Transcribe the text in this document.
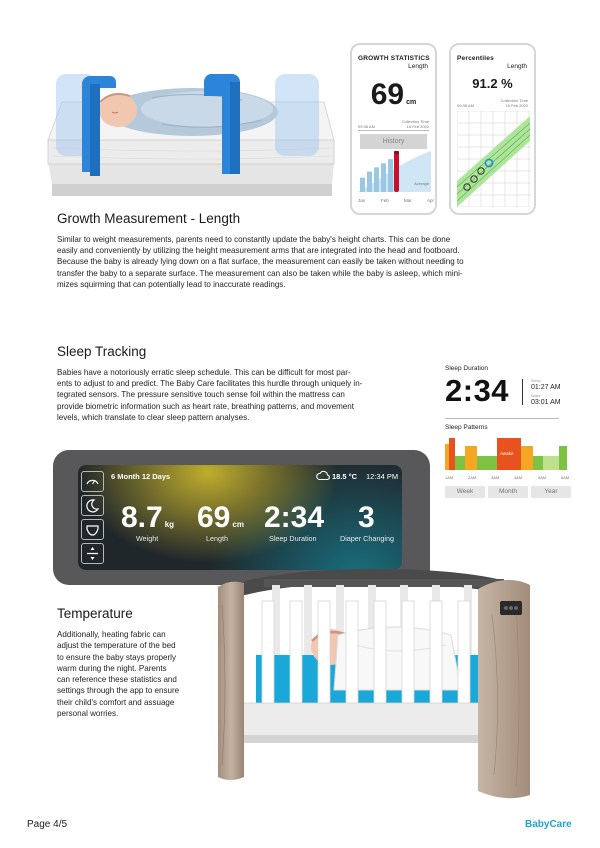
GROWTH STATISTICS
Length
69 cm
09:38 AM
Collection Time
16 Feb 2020
History
Average
Jan	Feb	Mar	Apr
Percentiles
Length
91.2 %
09:38 AM
Collection Time
16 Feb 2020
Growth Measurement - Length
Similar to weight measurements, parents need to constantly update the baby's height charts. This can be done
easily and conveniently by utilizing the height measurement arms that are integrated into the head and footboard.
Because the baby is already lying down on a flat surface, the measurement can easily be taken without needing to
transfer the baby to a separate surface. The measurement can also be taken while the baby is asleep, which mini-
mizes squirming that can potentially lead to inaccurate readings.
Sleep Tracking
Babies have a notoriously erratic sleep schedule. This can be difficult for most par-
ents to adjust to and predict. The Baby Care facilitates this hurdle through uniquely in-
tegrated sensors. The pressure sensitive touch sense foil within the mattress can
provide biometric information such as heart rate, breathing patterns, and movement
levels, which translate to clear sleep pattern analyses.
Sleep Duration
2:34	Sleep
01:27 AM
Wake
03:01 AM
Sleep Patterns
Awake
1AM	2AM	3AM	4AM	5AM	6AM
Week	Month	Year
6 Month 12 Days	18.5 °C 12:34 PM
8.7 kg
Weight
69 cm
Length
2:34
Sleep Duration
3
Diaper Changing
Temperature
Additionally, heating fabric can
adjust the temperature of the bed
to ensure the baby stays properly
warm during the night. Parents
can reference these statistics and
settings through the app to ensure
their child's comfort and assuage
personal worries.
Page 4/5	BabyCare
